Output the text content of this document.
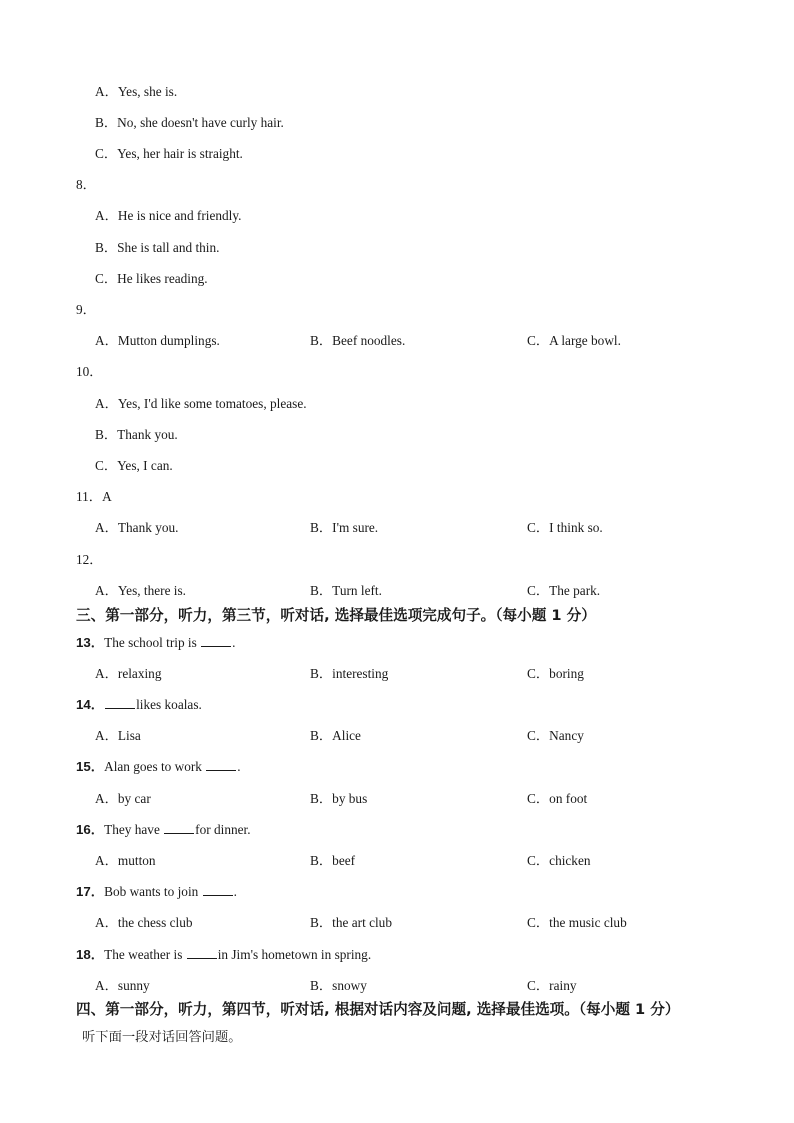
A．Yes, she is.
B．No, she doesn't have curly hair.
C．Yes, her hair is straight.
8．
A．He is nice and friendly.
B．She is tall and thin.
C．He likes reading.
9．
A．Mutton dumplings.	B．Beef noodles.	C．A large bowl.
10．
A．Yes, I'd like some tomatoes, please.
B．Thank you.
C．Yes, I can.
11．A
A．Thank you.	B．I'm sure.	C．I think so.
12．
A．Yes, there is.	B．Turn left.	C．The park.
三、第一部分，听力，第三节，听对话, 选择最佳选项完成句子。（每小题 1 分）
13．The school trip is .
A．relaxing	B．interesting	C．boring
14． likes koalas.
A．Lisa	B．Alice	C．Nancy
15．Alan goes to work .
A．by car	B．by bus	C．on foot
16．They have for dinner.
A．mutton	B．beef	C．chicken
17．Bob wants to join .
A．the chess club	B．the art club	C．the music club
18．The weather is in Jim's hometown in spring.
A．sunny	B．snowy	C．rainy
四、第一部分，听力，第四节，听对话, 根据对话内容及问题, 选择最佳选项。（每小题 1 分）
听下面一段对话回答问题。
